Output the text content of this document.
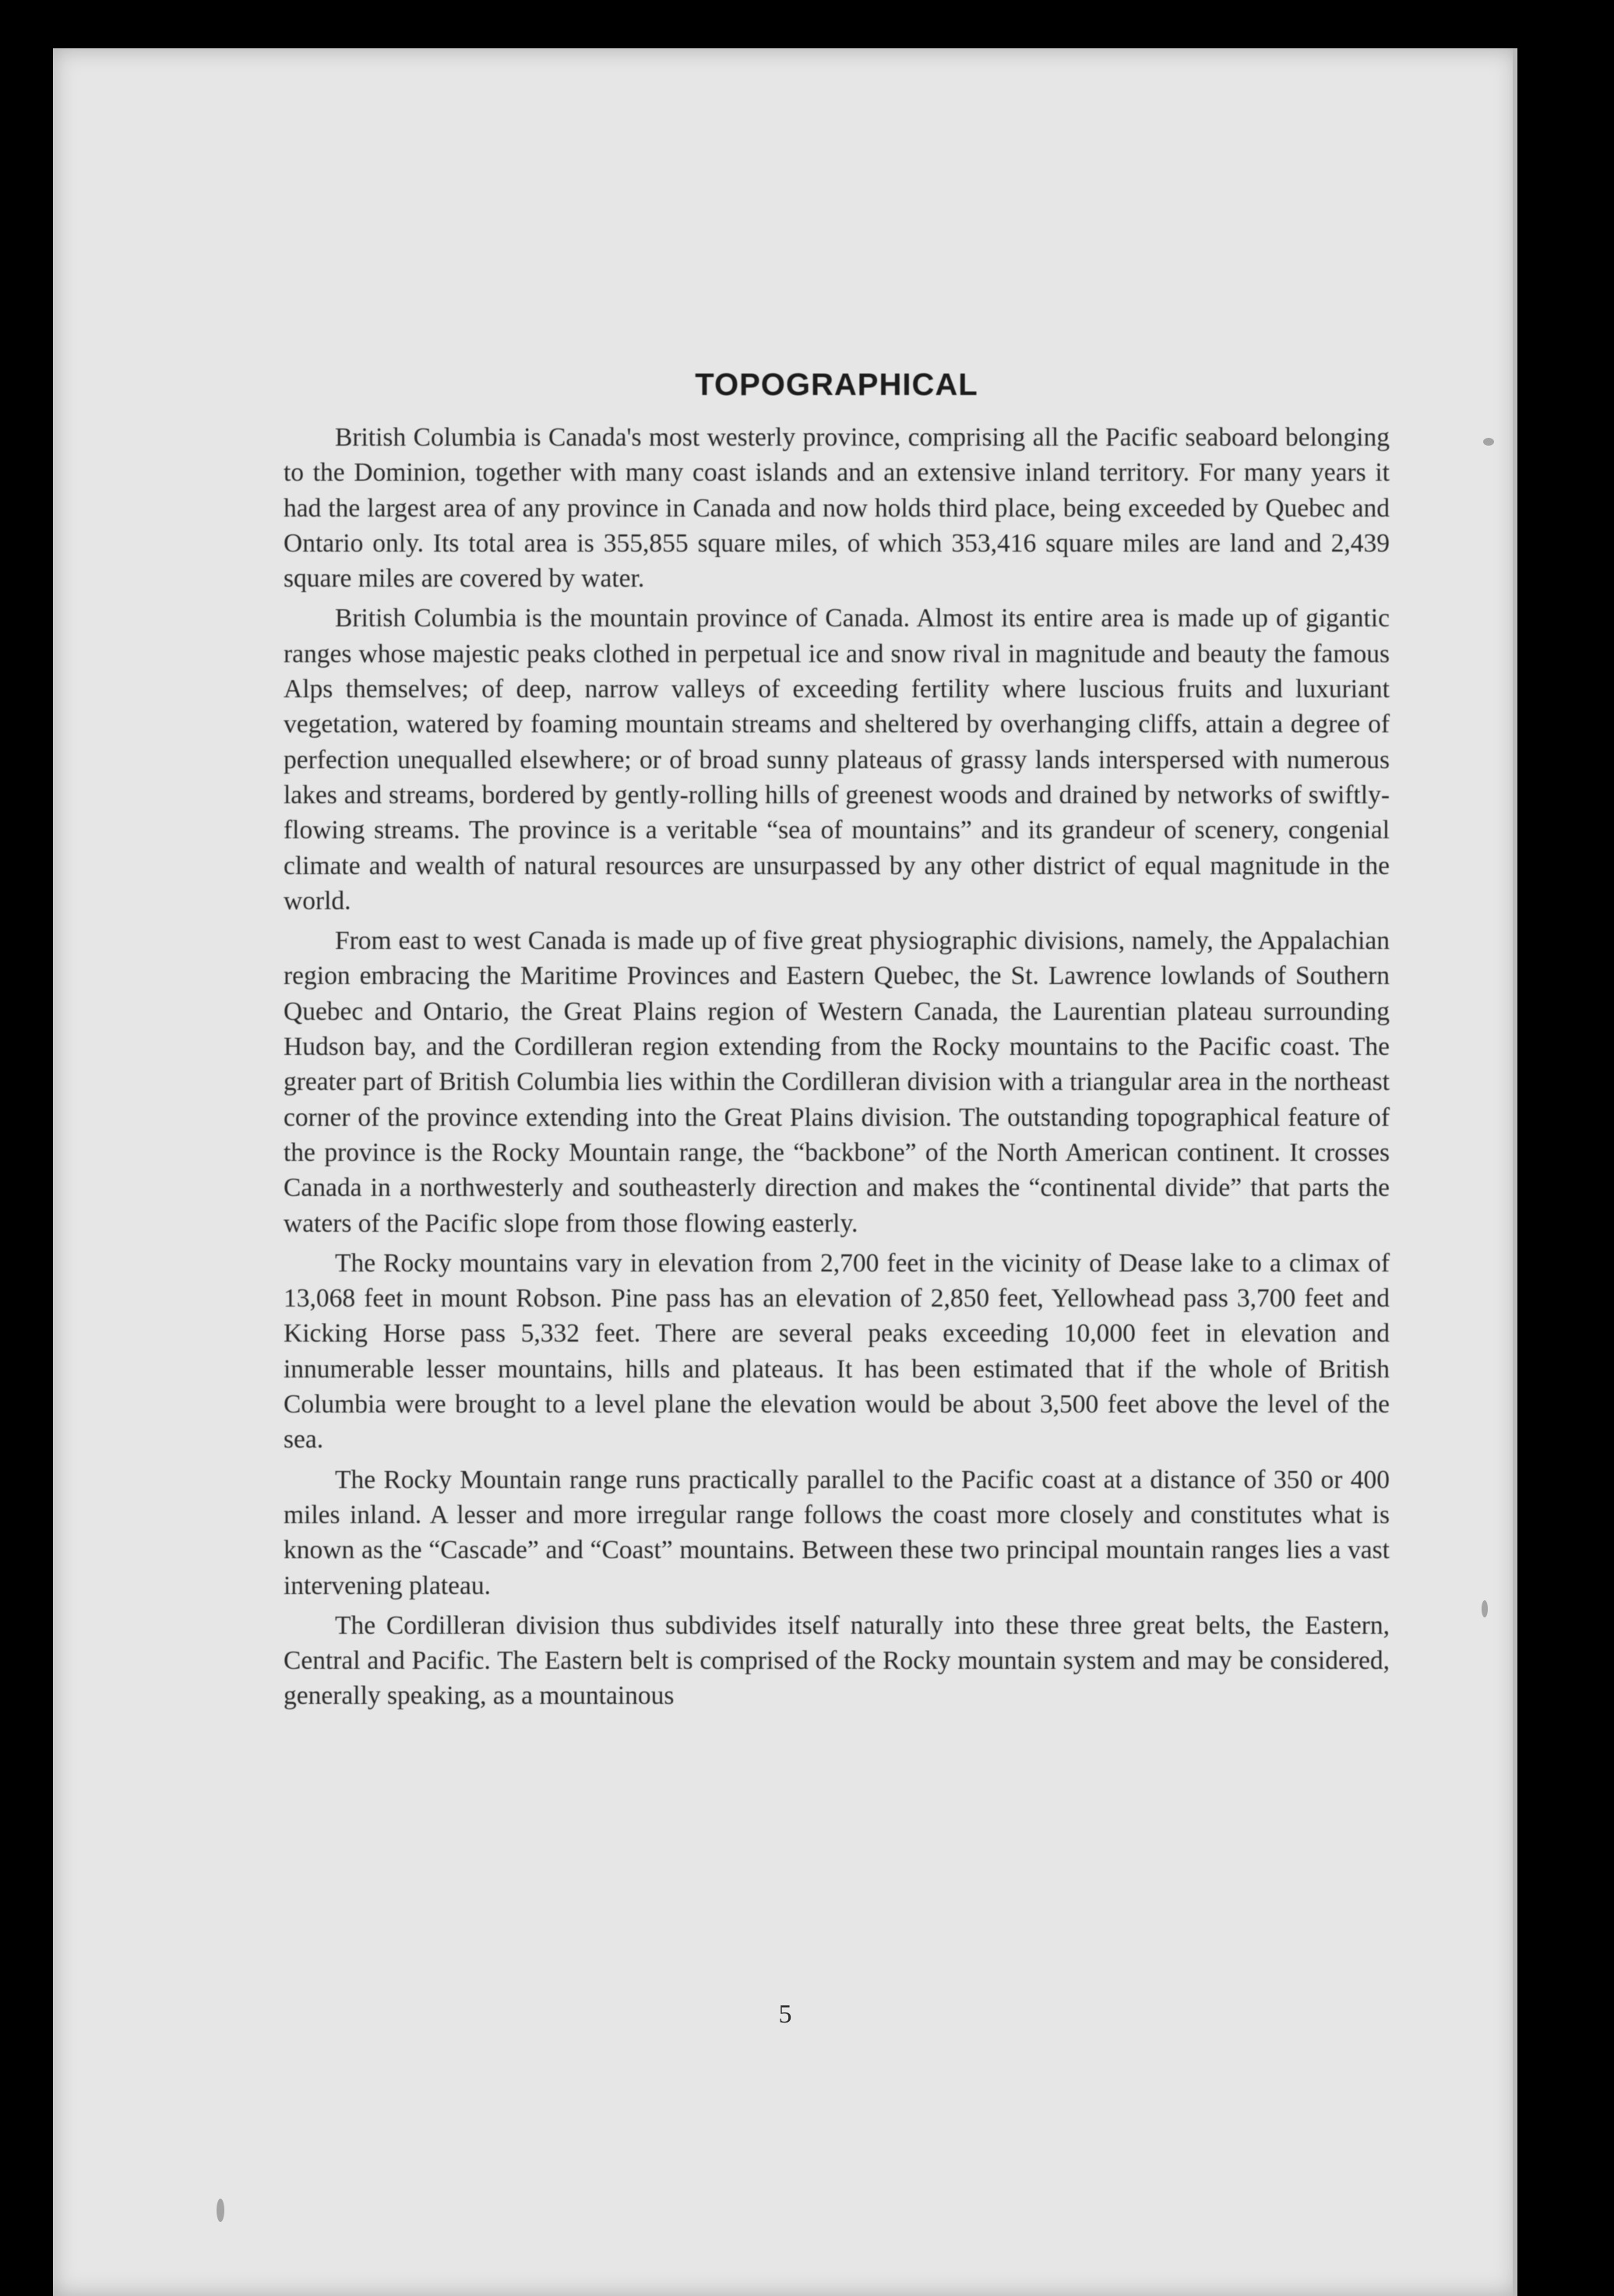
TOPOGRAPHICAL

British Columbia is Canada's most westerly province, comprising all the Pacific seaboard belonging to the Dominion, together with many coast islands and an extensive inland territory. For many years it had the largest area of any province in Canada and now holds third place, being exceeded by Quebec and Ontario only. Its total area is 355,855 square miles, of which 353,416 square miles are land and 2,439 square miles are covered by water.

British Columbia is the mountain province of Canada. Almost its entire area is made up of gigantic ranges whose majestic peaks clothed in perpetual ice and snow rival in magnitude and beauty the famous Alps themselves; of deep, narrow valleys of exceeding fertility where luscious fruits and luxuriant vegetation, watered by foaming mountain streams and sheltered by overhanging cliffs, attain a degree of perfection unequalled elsewhere; or of broad sunny plateaus of grassy lands interspersed with numerous lakes and streams, bordered by gently-rolling hills of greenest woods and drained by networks of swiftly-flowing streams. The province is a veritable “sea of mountains” and its grandeur of scenery, congenial climate and wealth of natural resources are unsurpassed by any other district of equal magnitude in the world.

From east to west Canada is made up of five great physiographic divisions, namely, the Appalachian region embracing the Maritime Provinces and Eastern Quebec, the St. Lawrence lowlands of Southern Quebec and Ontario, the Great Plains region of Western Canada, the Laurentian plateau surrounding Hudson bay, and the Cordilleran region extending from the Rocky mountains to the Pacific coast. The greater part of British Columbia lies within the Cordilleran division with a triangular area in the northeast corner of the province extending into the Great Plains division. The outstanding topographical feature of the province is the Rocky Mountain range, the “backbone” of the North American continent. It crosses Canada in a northwesterly and southeasterly direction and makes the “continental divide” that parts the waters of the Pacific slope from those flowing easterly.

The Rocky mountains vary in elevation from 2,700 feet in the vicinity of Dease lake to a climax of 13,068 feet in mount Robson. Pine pass has an elevation of 2,850 feet, Yellowhead pass 3,700 feet and Kicking Horse pass 5,332 feet. There are several peaks exceeding 10,000 feet in elevation and innumerable lesser mountains, hills and plateaus. It has been estimated that if the whole of British Columbia were brought to a level plane the elevation would be about 3,500 feet above the level of the sea.

The Rocky Mountain range runs practically parallel to the Pacific coast at a distance of 350 or 400 miles inland. A lesser and more irregular range follows the coast more closely and constitutes what is known as the “Cascade” and “Coast” mountains. Between these two principal mountain ranges lies a vast intervening plateau.

The Cordilleran division thus subdivides itself naturally into these three great belts, the Eastern, Central and Pacific. The Eastern belt is comprised of the Rocky mountain system and may be considered, generally speaking, as a mountainous

5
